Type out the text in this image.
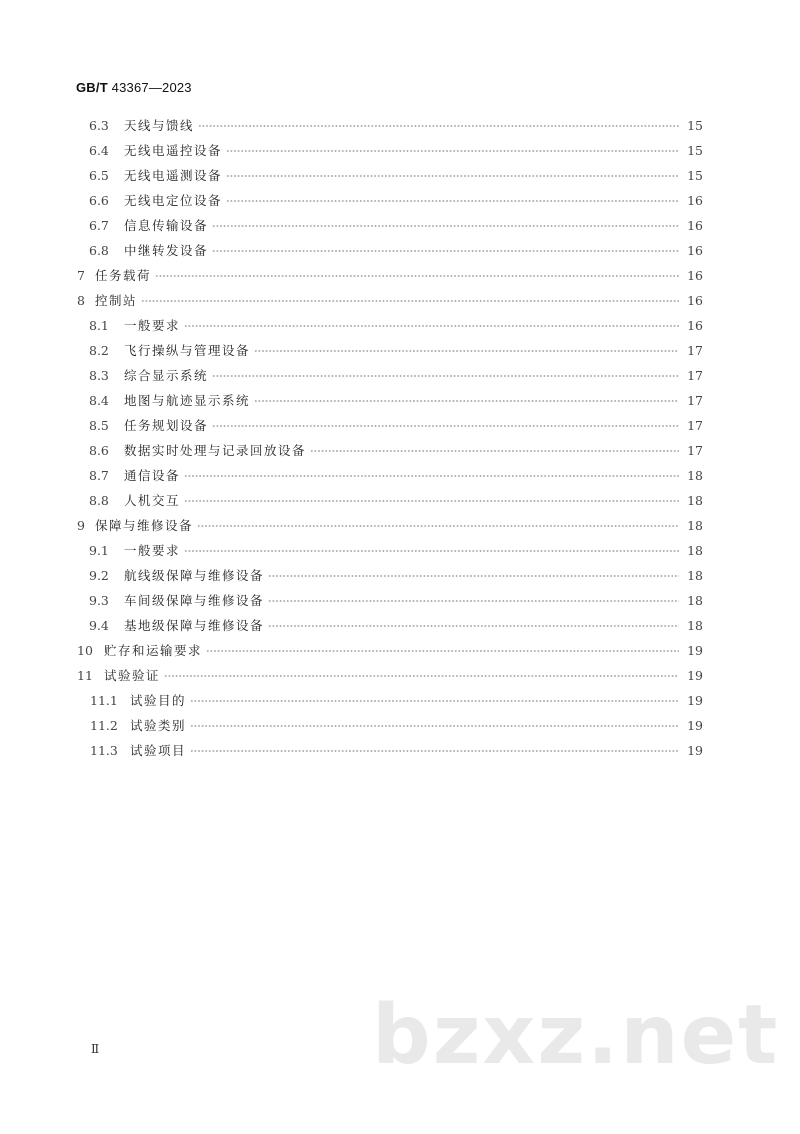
GB/T 43367—2023
6.3 天线与馈线	15
6.4 无线电遥控设备	15
6.5 无线电遥测设备	15
6.6 无线电定位设备	16
6.7 信息传输设备	16
6.8 中继转发设备	16
7 任务载荷	16
8 控制站	16
8.1 一般要求	16
8.2 飞行操纵与管理设备	17
8.3 综合显示系统	17
8.4 地图与航迹显示系统	17
8.5 任务规划设备	17
8.6 数据实时处理与记录回放设备	17
8.7 通信设备	18
8.8 人机交互	18
9 保障与维修设备	18
9.1 一般要求	18
9.2 航线级保障与维修设备	18
9.3 车间级保障与维修设备	18
9.4 基地级保障与维修设备	18
10 贮存和运输要求	19
11 试验验证	19
11.1 试验目的	19
11.2 试验类别	19
11.3 试验项目	19
Ⅱ	bzxz.net
